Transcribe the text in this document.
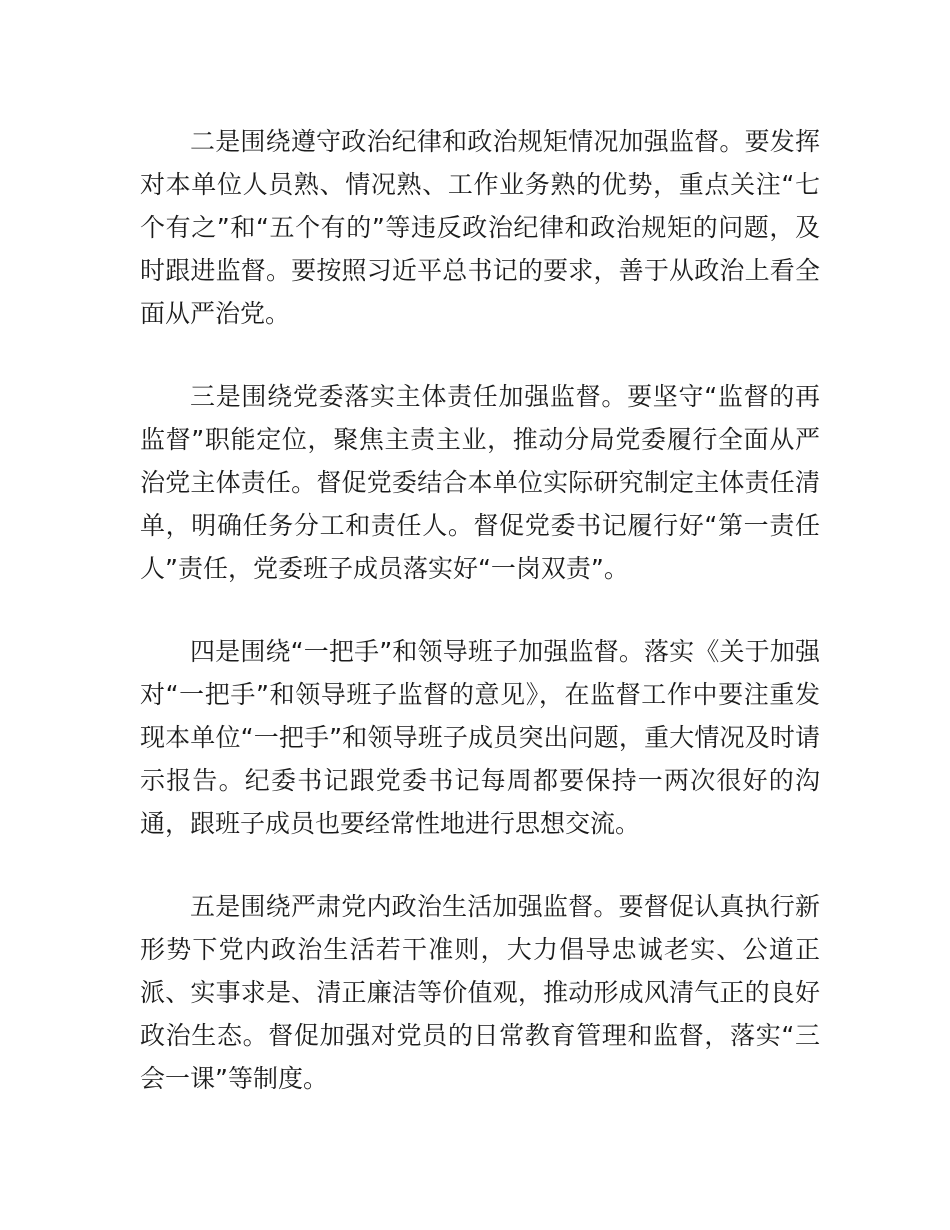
二是围绕遵守政治纪律和政治规矩情况加强监督。要发挥对本单位人员熟、情况熟、工作业务熟的优势，重点关注“七个有之”和“五个有的”等违反政治纪律和政治规矩的问题，及时跟进监督。要按照习近平总书记的要求，善于从政治上看全面从严治党。

三是围绕党委落实主体责任加强监督。要坚守“监督的再监督”职能定位，聚焦主责主业，推动分局党委履行全面从严治党主体责任。督促党委结合本单位实际研究制定主体责任清单，明确任务分工和责任人。督促党委书记履行好“第一责任人”责任，党委班子成员落实好“一岗双责”。

四是围绕“一把手”和领导班子加强监督。落实《关于加强对“一把手”和领导班子监督的意见》，在监督工作中要注重发现本单位“一把手”和领导班子成员突出问题，重大情况及时请示报告。纪委书记跟党委书记每周都要保持一两次很好的沟通，跟班子成员也要经常性地进行思想交流。

五是围绕严肃党内政治生活加强监督。要督促认真执行新形势下党内政治生活若干准则，大力倡导忠诚老实、公道正派、实事求是、清正廉洁等价值观，推动形成风清气正的良好政治生态。督促加强对党员的日常教育管理和监督，落实“三会一课”等制度。
